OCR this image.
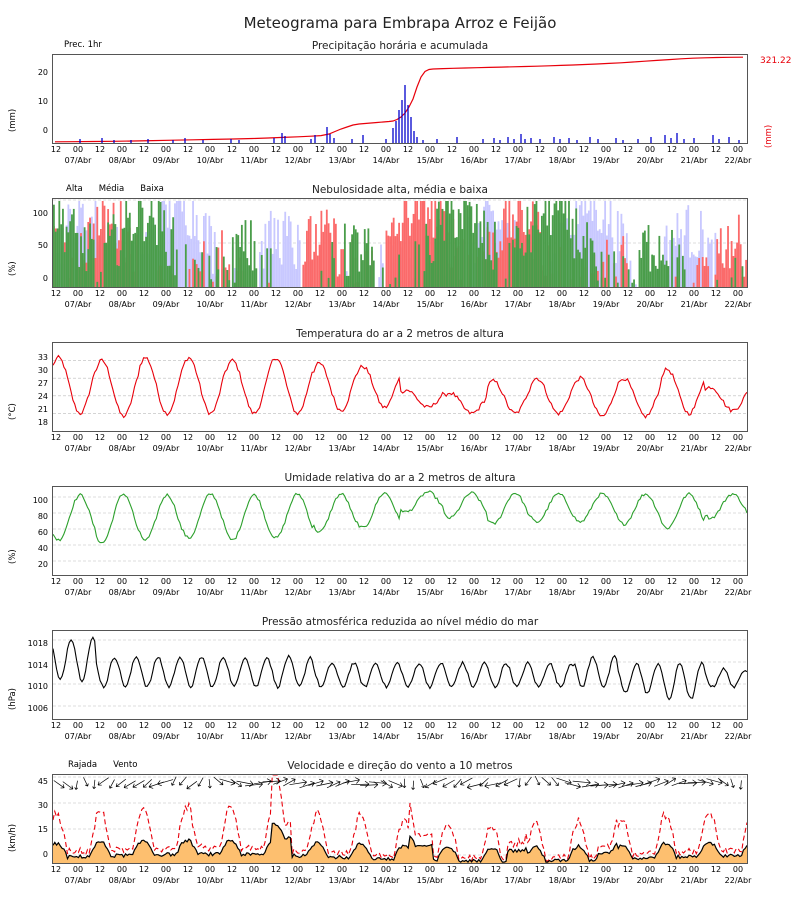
Meteograma para Embrapa Arroz e Feijão
Precipitação horária e acumulada
Prec. 1hr
(mm)	0
10
20
321.22
(mm)
12 00 12 00 12 00 12 00 12 00 12 00 12 00 12 00 12 00 12 00 12 00 12 00 12 00 12 00 12 00 12 00
07/Abr 08/Abr 09/Abr 10/Abr 11/Abr 12/Abr 13/Abr 14/Abr 15/Abr 16/Abr 17/Abr 18/Abr 19/Abr 20/Abr 21/Abr 22/Abr
Nebulosidade alta, média e baixa
Alta Média Baixa
(%)
0
50
100
12 00 12 00 12 00 12 00 12 00 12 00 12 00 12 00 12 00 12 00 12 00 12 00 12 00 12 00 12 00 12 00
07/Abr 08/Abr 09/Abr 10/Abr 11/Abr 12/Abr 13/Abr 14/Abr 15/Abr 16/Abr 17/Abr 18/Abr 19/Abr 20/Abr 21/Abr 22/Abr
Temperatura do ar a 2 metros de altura
(°C)
18
21
24
27
30
33
12 00 12 00 12 00 12 00 12 00 12 00 12 00 12 00 12 00 12 00 12 00 12 00 12 00 12 00 12 00 12 00
07/Abr 08/Abr 09/Abr 10/Abr 11/Abr 12/Abr 13/Abr 14/Abr 15/Abr 16/Abr 17/Abr 18/Abr 19/Abr 20/Abr 21/Abr 22/Abr
Umidade relativa do ar a 2 metros de altura
(%)
20
40
60
80
100
12 00 12 00 12 00 12 00 12 00 12 00 12 00 12 00 12 00 12 00 12 00 12 00 12 00 12 00 12 00 12 00
07/Abr 08/Abr 09/Abr 10/Abr 11/Abr 12/Abr 13/Abr 14/Abr 15/Abr 16/Abr 17/Abr 18/Abr 19/Abr 20/Abr 21/Abr 22/Abr
Pressão atmosférica reduzida ao nível médio do mar
(hPa)	1006
1010
1014
1018
12 00 12 00 12 00 12 00 12 00 12 00 12 00 12 00 12 00 12 00 12 00 12 00 12 00 12 00 12 00 12 00
07/Abr 08/Abr 09/Abr 10/Abr 11/Abr 12/Abr 13/Abr 14/Abr 15/Abr 16/Abr 17/Abr 18/Abr 19/Abr 20/Abr 21/Abr 22/Abr
Velocidade e direção do vento a 10 metros
Rajada Vento
(km/h)
0
15
30
45
12 00 12 00 12 00 12 00 12 00 12 00 12 00 12 00 12 00 12 00 12 00 12 00 12 00 12 00 12 00 12 00
07/Abr 08/Abr 09/Abr 10/Abr 11/Abr 12/Abr 13/Abr 14/Abr 15/Abr 16/Abr 17/Abr 18/Abr 19/Abr 20/Abr 21/Abr 22/Abr
